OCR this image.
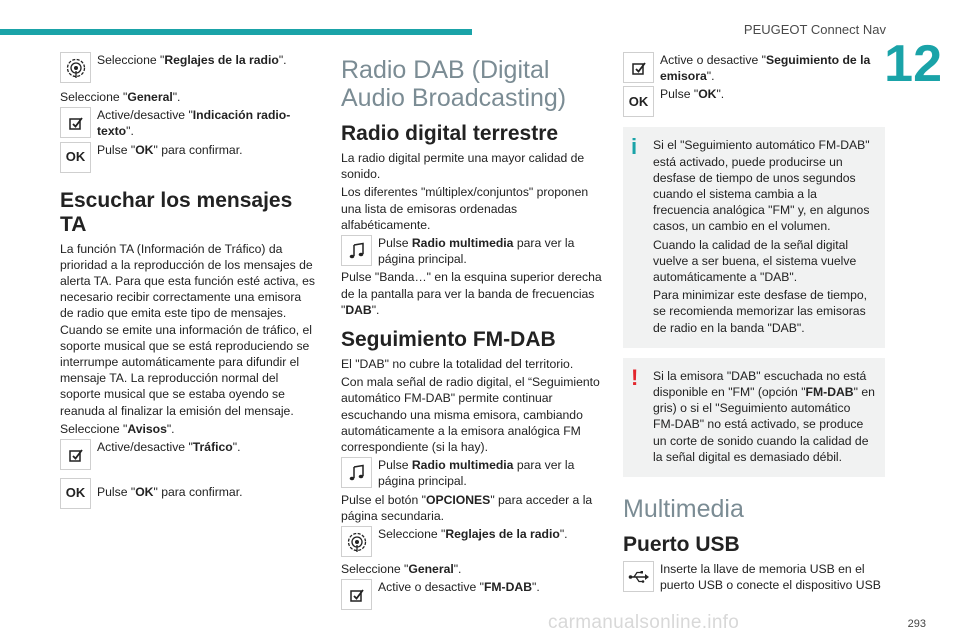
PEUGEOT Connect Nav
12
Seleccione "Reglajes de la radio".

Seleccione "General".

Active/desactive "Indicación radio-texto".
OK Pulse "OK" para confirmar.
Escuchar los mensajes TA

La función TA (Información de Tráfico) da prioridad a la reproducción de los mensajes de alerta TA. Para que esta función esté activa, es necesario recibir correctamente una emisora de radio que emita este tipo de mensajes. Cuando se emite una información de tráfico, el soporte musical que se está reproduciendo se interrumpe automáticamente para difundir el mensaje TA. La reproducción normal del soporte musical que se estaba oyendo se reanuda al finalizar la emisión del mensaje.

Seleccione "Avisos".

Active/desactive "Tráfico".
OK Pulse "OK" para confirmar.
Radio DAB (Digital Audio Broadcasting)
Radio digital terrestre

La radio digital permite una mayor calidad de sonido.

Los diferentes "múltiplex/conjuntos" proponen una lista de emisoras ordenadas alfabéticamente.

Pulse Radio multimedia para ver la página principal.

Pulse "Banda…" en la esquina superior derecha de la pantalla para ver la banda de frecuencias "DAB".

Seguimiento FM-DAB

El "DAB" no cubre la totalidad del territorio.

Con mala señal de radio digital, el “Seguimiento automático FM-DAB" permite continuar escuchando una misma emisora, cambiando automáticamente a la emisora analógica FM correspondiente (si la hay).

Pulse Radio multimedia para ver la página principal.

Pulse el botón "OPCIONES" para acceder a la página secundaria.

Seleccione "Reglajes de la radio".

Seleccione "General".

Active o desactive "FM-DAB".
Active o desactive "Seguimiento de la emisora".
OK Pulse "OK".
i	Si el "Seguimiento automático FM-DAB" está activado, puede producirse un desfase de tiempo de unos segundos cuando el sistema cambia a la frecuencia analógica "FM" y, en algunos casos, un cambio en el volumen.

Cuando la calidad de la señal digital vuelve a ser buena, el sistema vuelve automáticamente a "DAB".

Para minimizar este desfase de tiempo, se recomienda memorizar las emisoras de radio en la banda "DAB".

!	Si la emisora "DAB" escuchada no está disponible en "FM" (opción "FM-DAB" en gris) o si el "Seguimiento automático FM-DAB" no está activado, se produce un corte de sonido cuando la calidad de la señal digital es demasiado débil.

Multimedia
Puerto USB
Inserte la llave de memoria USB en el puerto USB o conecte el dispositivo USB
carmanualsonline.info	293
